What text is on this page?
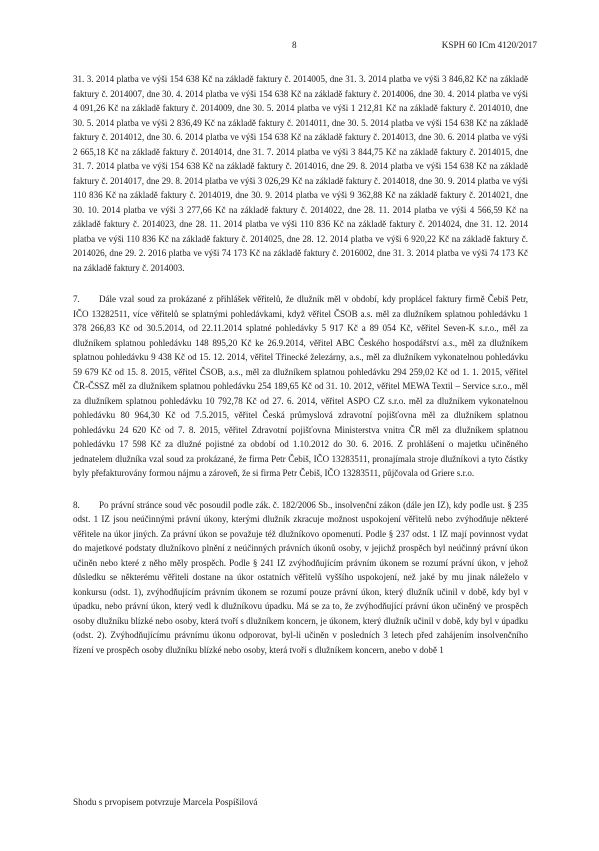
8	KSPH 60 ICm 4120/2017

31. 3. 2014 platba ve výši 154 638 Kč na základě faktury č. 2014005, dne 31. 3. 2014 platba ve výši 3 846,82 Kč na základě faktury č. 2014007, dne 30. 4. 2014 platba ve výši 154 638 Kč na základě faktury č. 2014006, dne 30. 4. 2014 platba ve výši 4 091,26 Kč na základě faktury č. 2014009, dne 30. 5. 2014 platba ve výši 1 212,81 Kč na základě faktury č. 2014010, dne 30. 5. 2014 platba ve výši 2 836,49 Kč na základě faktury č. 2014011, dne 30. 5. 2014 platba ve výši 154 638 Kč na základě faktury č. 2014012, dne 30. 6. 2014 platba ve výši 154 638 Kč na základě faktury č. 2014013, dne 30. 6. 2014 platba ve výši 2 665,18 Kč na základě faktury č. 2014014, dne 31. 7. 2014 platba ve výši 3 844,75 Kč na základě faktury č. 2014015, dne 31. 7. 2014 platba ve výši 154 638 Kč na základě faktury č. 2014016, dne 29. 8. 2014 platba ve výši 154 638 Kč na základě faktury č. 2014017, dne 29. 8. 2014 platba ve výši 3 026,29 Kč na základě faktury č. 2014018, dne 30. 9. 2014 platba ve výši 110 836 Kč na základě faktury č. 2014019, dne 30. 9. 2014 platba ve výši 9 362,88 Kč na základě faktury č. 2014021, dne 30. 10. 2014 platba ve výši 3 277,66 Kč na základě faktury č. 2014022, dne 28. 11. 2014 platba ve výši 4 566,59 Kč na základě faktury č. 2014023, dne 28. 11. 2014 platba ve výši 110 836 Kč na základě faktury č. 2014024, dne 31. 12. 2014 platba ve výši 110 836 Kč na základě faktury č. 2014025, dne 28. 12. 2014 platba ve výši 6 920,22 Kč na základě faktury č. 2014026, dne 29. 2. 2016 platba ve výši 74 173 Kč na základě faktury č. 2016002, dne 31. 3. 2014 platba ve výši 74 173 Kč na základě faktury č. 2014003.

7. Dále vzal soud za prokázané z přihlášek věřitelů, že dlužník měl v období, kdy proplácel faktury firmě Čebiš Petr, IČO 13282511, více věřitelů se splatnými pohledávkami, když věřitel ČSOB a.s. měl za dlužníkem splatnou pohledávku 1 378 266,83 Kč od 30.5.2014, od 22.11.2014 splatné pohledávky 5 917 Kč a 89 054 Kč, věřitel Seven-K s.r.o., měl za dlužníkem splatnou pohledávku 148 895,20 Kč ke 26.9.2014, věřitel ABC Českého hospodářství a.s., měl za dlužníkem splatnou pohledávku 9 438 Kč od 15. 12. 2014, věřitel Třinecké železárny, a.s., měl za dlužníkem vykonatelnou pohledávku 59 679 Kč od 15. 8. 2015, věřitel ČSOB, a.s., měl za dlužníkem splatnou pohledávku 294 259,02 Kč od 1. 1. 2015, věřitel ČR-ČSSZ měl za dlužníkem splatnou pohledávku 254 189,65 Kč od 31. 10. 2012, věřitel MEWA Textil – Service s.r.o., měl za dlužníkem splatnou pohledávku 10 792,78 Kč od 27. 6. 2014, věřitel ASPO CZ s.r.o. měl za dlužníkem vykonatelnou pohledávku 80 964,30 Kč od 7.5.2015, věřitel Česká průmyslová zdravotní pojišťovna měl za dlužníkem splatnou pohledávku 24 620 Kč od 7. 8. 2015, věřitel Zdravotní pojišťovna Ministerstva vnitra ČR měl za dlužníkem splatnou pohledávku 17 598 Kč za dlužné pojistné za období od 1.10.2012 do 30. 6. 2016. Z prohlášení o majetku učiněného jednatelem dlužníka vzal soud za prokázané, že firma Petr Čebiš, IČO 13283511, pronajímala stroje dlužníkovi a tyto částky byly přefakturovány formou nájmu a zároveň, že si firma Petr Čebiš, IČO 13283511, půjčovala od Griere s.r.o.

8. Po právní stránce soud věc posoudil podle zák. č. 182/2006 Sb., insolvenční zákon (dále jen IZ), kdy podle ust. § 235 odst. 1 IZ jsou neúčinnými právní úkony, kterými dlužník zkracuje možnost uspokojení věřitelů nebo zvýhodňuje některé věřitele na úkor jiných. Za právní úkon se považuje též dlužníkovo opomenutí. Podle § 237 odst. 1 IZ mají povinnost vydat do majetkové podstaty dlužníkovo plnění z neúčinných právních úkonů osoby, v jejichž prospěch byl neúčinný právní úkon učiněn nebo které z něho měly prospěch. Podle § 241 IZ zvýhodňujícím právním úkonem se rozumí právní úkon, v jehož důsledku se některému věřiteli dostane na úkor ostatních věřitelů vyššího uspokojení, než jaké by mu jinak náleželo v konkursu (odst. 1), zvýhodňujícím právním úkonem se rozumí pouze právní úkon, který dlužník učinil v době, kdy byl v úpadku, nebo právní úkon, který vedl k dlužníkovu úpadku. Má se za to, že zvýhodňující právní úkon učiněný ve prospěch osoby dlužníku blízké nebo osoby, která tvoří s dlužníkem koncern, je úkonem, který dlužník učinil v době, kdy byl v úpadku (odst. 2). Zvýhodňujícímu právnímu úkonu odporovat, byl-li učiněn v posledních 3 letech před zahájením insolvenčního řízení ve prospěch osoby dlužníku blízké nebo osoby, která tvoří s dlužníkem koncern, anebo v době 1

Shodu s prvopisem potvrzuje Marcela Pospíšilová
